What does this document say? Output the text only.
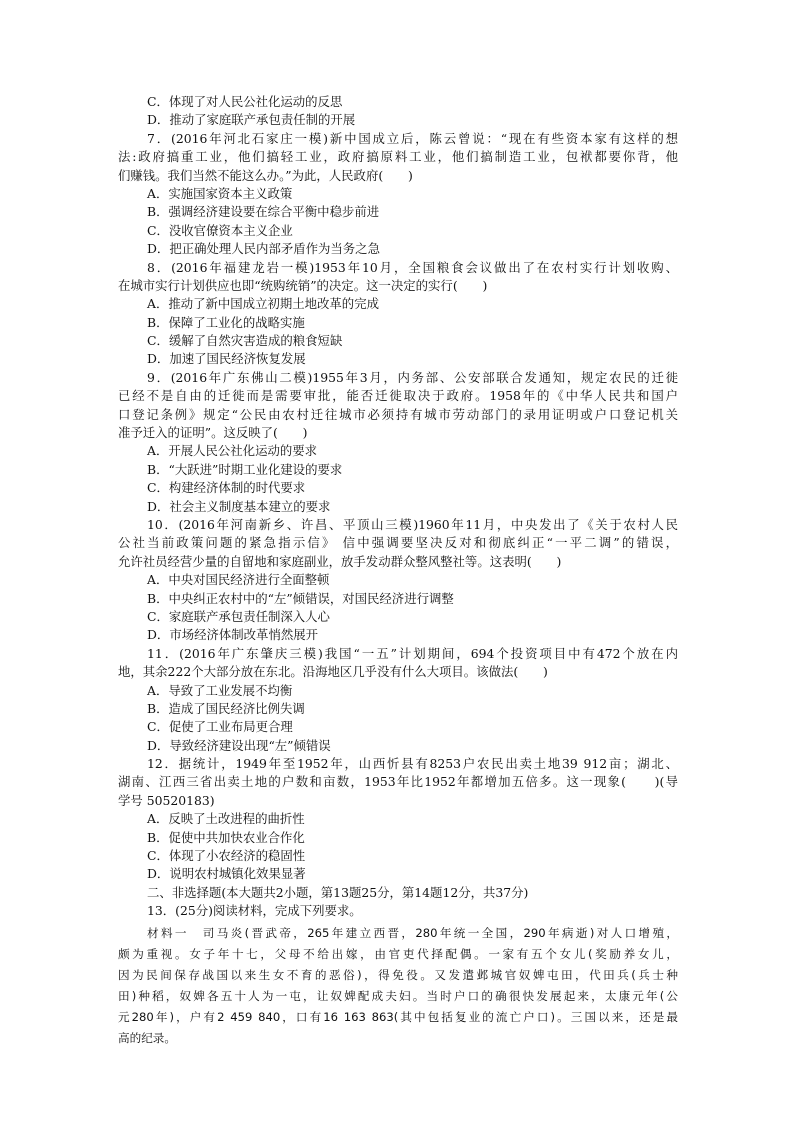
C．体现了对人民公社化运动的反思
D．推动了家庭联产承包责任制的开展
7．(2016年河北石家庄一模)新中国成立后，陈云曾说：“现在有些资本家有这样的想
法:政府搞重工业，他们搞轻工业，政府搞原料工业，他们搞制造工业，包袱都要你背，他
们赚钱。我们当然不能这么办。”为此，人民政府(　　)
A．实施国家资本主义政策
B．强调经济建设要在综合平衡中稳步前进
C．没收官僚资本主义企业
D．把正确处理人民内部矛盾作为当务之急
8．(2016年福建龙岩一模)1953年10月，全国粮食会议做出了在农村实行计划收购、
在城市实行计划供应也即“统购统销”的决定。这一决定的实行(　　)
A．推动了新中国成立初期土地改革的完成
B．保障了工业化的战略实施
C．缓解了自然灾害造成的粮食短缺
D．加速了国民经济恢复发展
9．(2016年广东佛山二模)1955年3月，内务部、公安部联合发通知，规定农民的迁徙
已经不是自由的迁徙而是需要审批，能否迁徙取决于政府。1958年的《中华人民共和国户
口登记条例》规定“公民由农村迁往城市必须持有城市劳动部门的录用证明或户口登记机关
准予迁入的证明”。这反映了(　　)
A．开展人民公社化运动的要求
B．“大跃进”时期工业化建设的要求
C．构建经济体制的时代要求
D．社会主义制度基本建立的要求
10．(2016年河南新乡、许昌、平顶山三模)1960年11月，中央发出了《关于农村人民
公社当前政策问题的紧急指示信》 信中强调要坚决反对和彻底纠正“一平二调”的错误，
允许社员经营少量的自留地和家庭副业，放手发动群众整风整社等。这表明(　　)
A．中央对国民经济进行全面整顿
B．中央纠正农村中的“左”倾错误，对国民经济进行调整
C．家庭联产承包责任制深入人心
D．市场经济体制改革悄然展开
11．(2016年广东肇庆三模)我国“一五”计划期间，694个投资项目中有472个放在内
地，其余222个大部分放在东北。沿海地区几乎没有什么大项目。该做法(　　)
A．导致了工业发展不均衡
B．造成了国民经济比例失调
C．促使了工业布局更合理
D．导致经济建设出现“左”倾错误
12．据统计，1949年至1952年，山西忻县有8253户农民出卖土地39 912亩；湖北、
湖南、江西三省出卖土地的户数和亩数，1953年比1952年都增加五倍多。这一现象(　　)(导
学号 50520183)
A．反映了土改进程的曲折性
B．促使中共加快农业合作化
C．体现了小农经济的稳固性
D．说明农村城镇化效果显著
二、非选择题(本大题共2小题，第13题25分，第14题12分，共37分)
13．(25分)阅读材料，完成下列要求。
材料一　司马炎(晋武帝，265年建立西晋，280年统一全国，290年病逝)对人口增殖，
颇为重视。女子年十七，父母不给出嫁，由官吏代择配偶。一家有五个女儿(奖励养女儿，
因为民间保存战国以来生女不育的恶俗)，得免役。又发遣邺城官奴婢屯田，代田兵(兵士种
田)种稻，奴婢各五十人为一屯，让奴婢配成夫妇。当时户口的确很快发展起来，太康元年(公
元280年)，户有2 459 840，口有16 163 863(其中包括复业的流亡户口)。三国以来，还是最
高的纪录。
